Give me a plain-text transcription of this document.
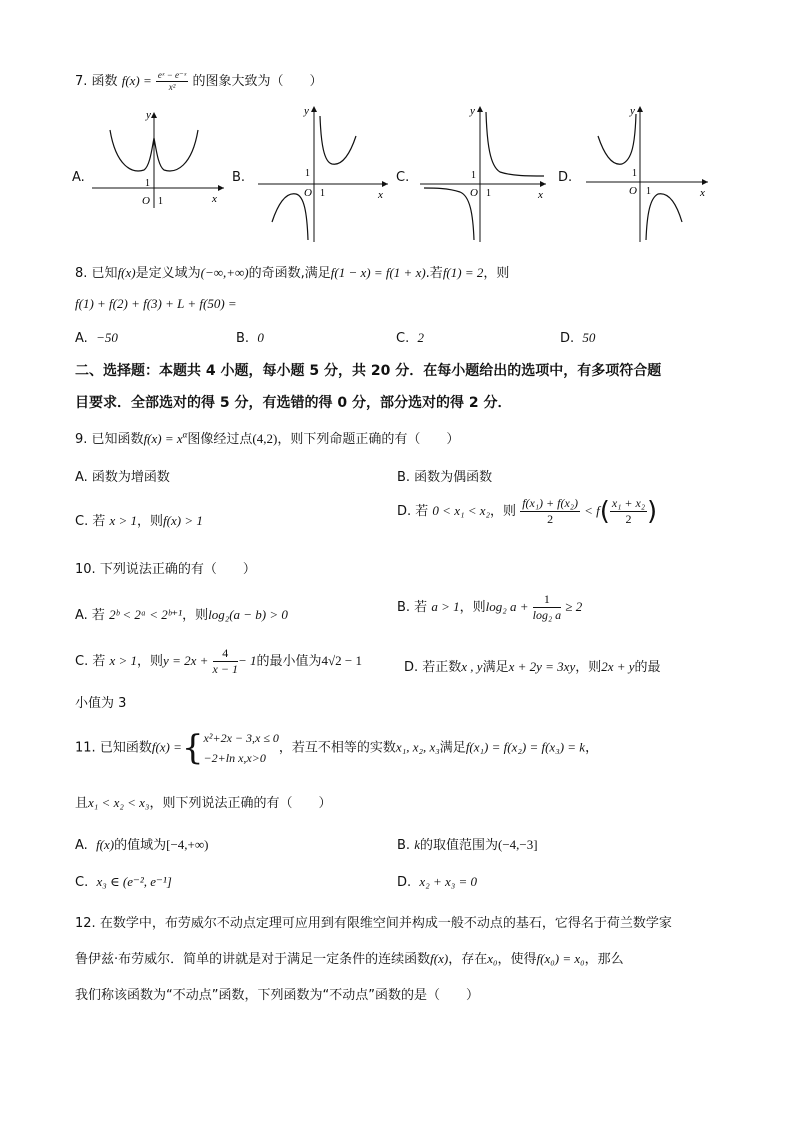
7. 函数 $f(x) = \frac{\text{eˣ − e⁻ˣ}}{\text{x²}}$ 的图象大致为（　　）
A.
y
x
O 1
1	B.
y
x
O 1
1	C.
y
x
O 1
1	D.
y
x
O 1
1
8. 已知f(x)是定义域为(−∞,+∞)的奇函数,满足f(1 − x) = f(1 + x).若f(1) = 2，则
f(1) + f(2) + f(3) + L + f(50) =
A. −50	B. 0	C. 2	D. 50
二、选择题：本题共 4 小题，每小题 5 分，共 20 分．在每小题给出的选项中，有多项符合题
目要求．全部选对的得 5 分，有选错的得 0 分，部分选对的得 2 分．
9. 已知函数$f(x) = x^\alpha$图像经过点(4,2)，则下列命题正确的有（　　）
A. 函数为增函数	B. 函数为偶函数
C. 若 x > 1，则f(x) > 1
D. 若 0 < x₁ < x₂，则 $\frac{\text{f(x₁) + f(x₂)}}{2} < f( \frac{\text{x₁ + x₂}}{2}$ )
10. 下列说法正确的有（　　）
A. 若 2ᵇ < 2ᵃ < 2ᵇ⁺¹，则log₂(a − b) > 0	B. 若 a > 1，则log₂ $a + \frac{1}{\text{log₂ a}} \ge 2$
C. 若 x > 1，则$y = 2x + \frac{4}{x - 1} - 1$的最小值为4√2 − 1	D. 若正数x , y满足x + 2y = 3xy，则2x + y的最
小值为 3
11. 已知函数f(x) ={ x²+2x − 3,x ≤ 0
−2+ln x,x>0
，若互不相等的实数x₁, x₂, x₃满足f(x₁) = f(x₂) = f(x₃) = k，
且x₁ < x₂ < x₃，则下列说法正确的有（　　）
A. f(x)的值域为[−4,+∞)	B. k的取值范围为(−4,−3]
C. x₃ ∈ (e⁻², e⁻¹]	D. x₂ + x₃ = 0
12. 在数学中，布劳威尔不动点定理可应用到有限维空间并构成一般不动点的基石，它得名于荷兰数学家
鲁伊兹·布劳威尔．简单的讲就是对于满足一定条件的连续函数f(x)，存在x₀，使得f(x₀) = x₀，那么
我们称该函数为“不动点”函数，下列函数为“不动点”函数的是（　　）
